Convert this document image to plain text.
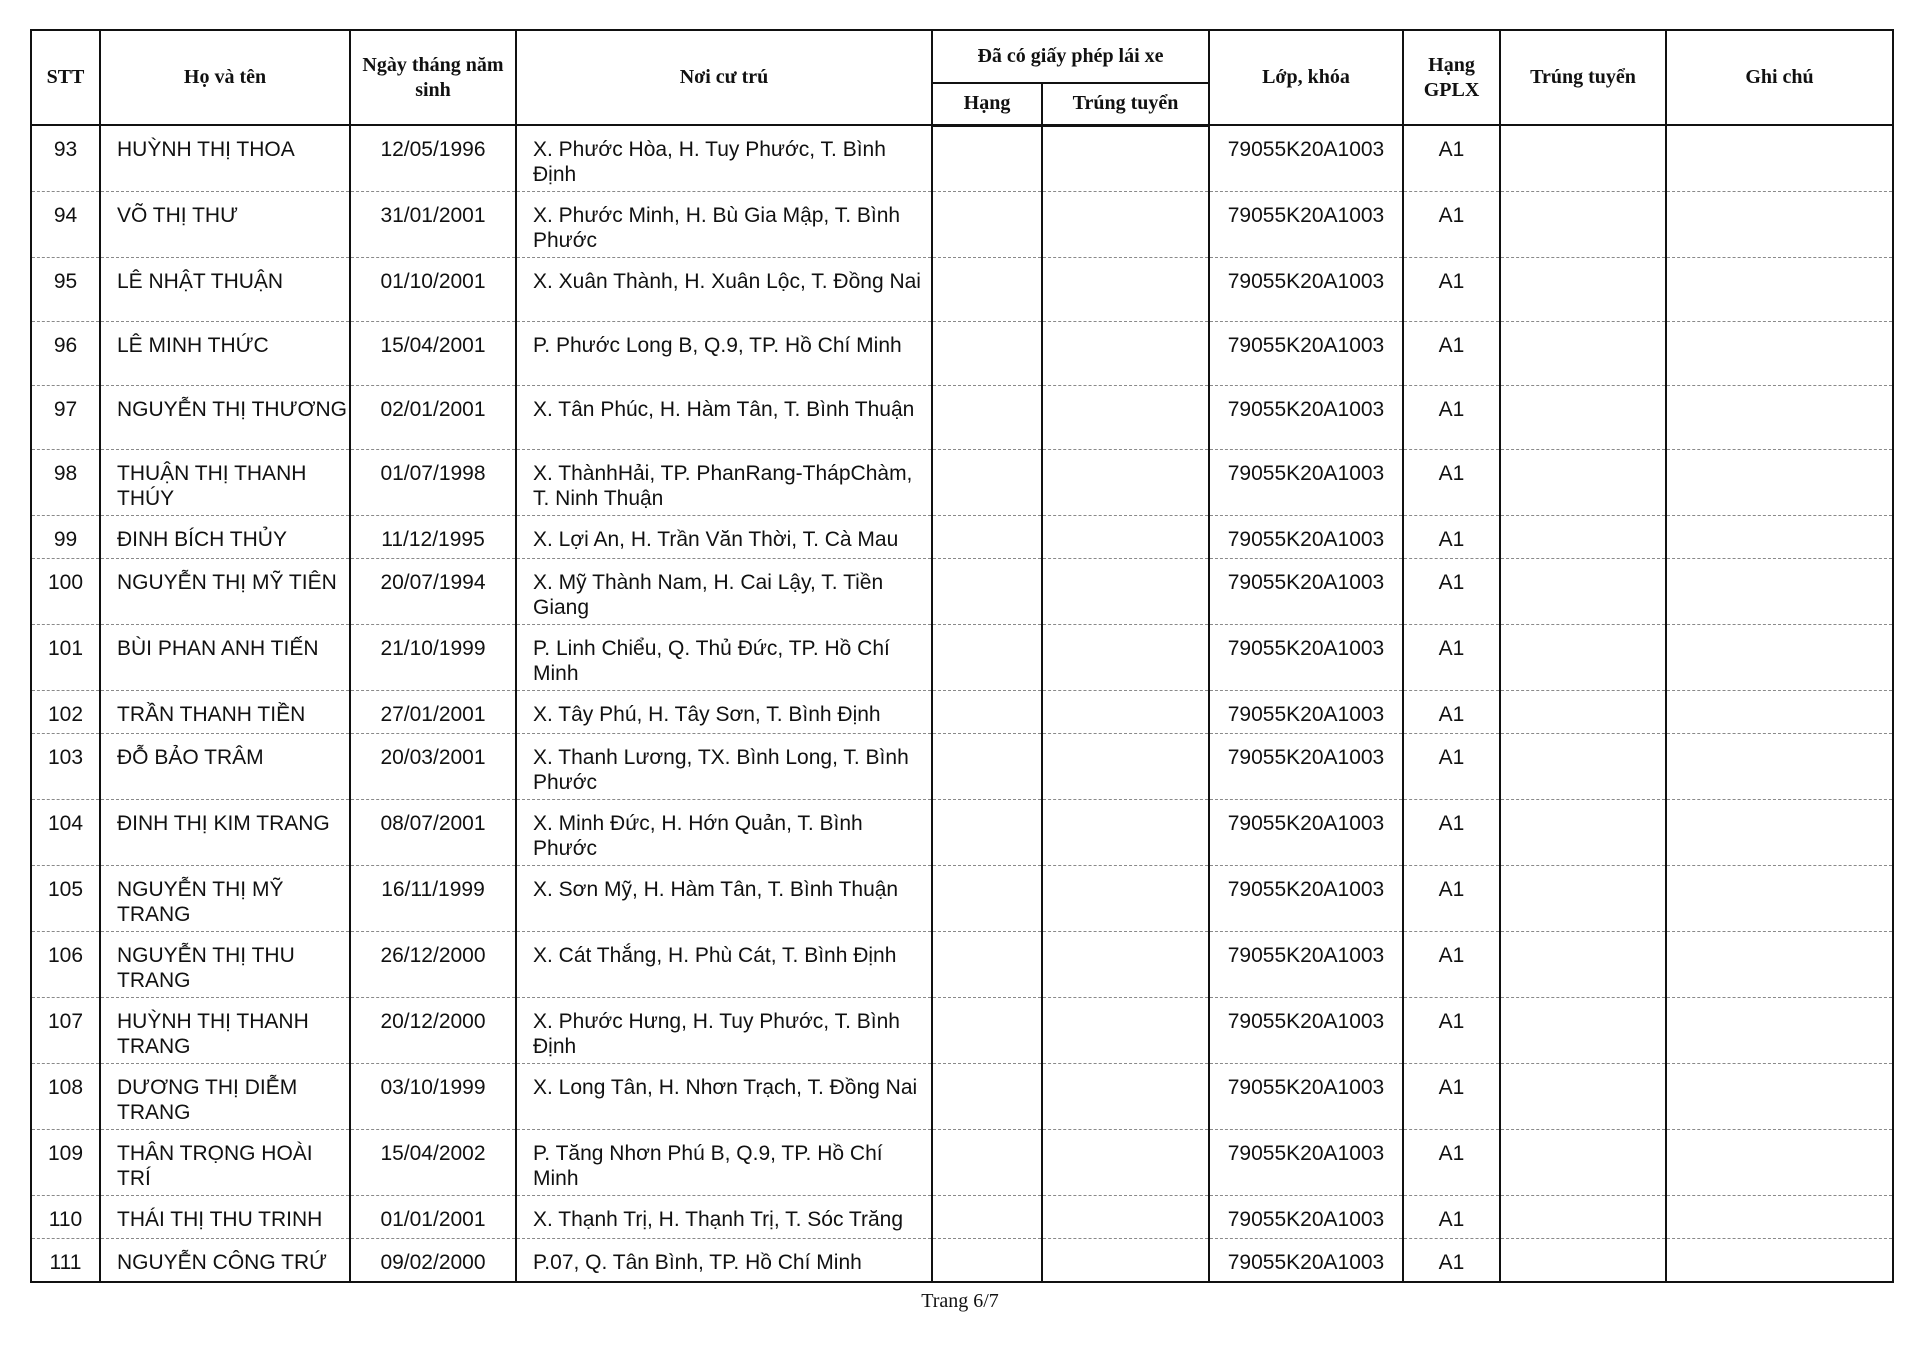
STT	Họ và tên	Ngày tháng năm sinh	Nơi cư trú	Đã có giấy phép lái xe		Lớp, khóa	Hạng GPLX	Trúng tuyển	Ghi chú
				Hạng	Trúng tuyển				
93	HUỲNH THỊ THOA	12/05/1996	X. Phước Hòa, H. Tuy Phước, T. Bình Định			79055K20A1003	A1		
94	VÕ THỊ THƯ	31/01/2001	X. Phước Minh, H. Bù Gia Mập, T. Bình Phước			79055K20A1003	A1		
95	LÊ NHẬT THUẬN	01/10/2001	X. Xuân Thành, H. Xuân Lộc, T. Đồng Nai			79055K20A1003	A1		
96	LÊ MINH THỨC	15/04/2001	P. Phước Long B, Q.9, TP. Hồ Chí Minh			79055K20A1003	A1		
97	NGUYỄN THỊ THƯƠNG	02/01/2001	X. Tân Phúc, H. Hàm Tân, T. Bình Thuận			79055K20A1003	A1		
98	THUẬN THỊ THANH THÚY	01/07/1998	X. ThànhHải, TP. PhanRang-ThápChàm, T. Ninh Thuận			79055K20A1003	A1		
99	ĐINH BÍCH THỦY	11/12/1995	X. Lợi An, H. Trần Văn Thời, T. Cà Mau			79055K20A1003	A1		
100	NGUYỄN THỊ MỸ TIÊN	20/07/1994	X. Mỹ Thành Nam, H. Cai Lậy, T. Tiền Giang			79055K20A1003	A1		
101	BÙI PHAN ANH TIẾN	21/10/1999	P. Linh Chiểu, Q. Thủ Đức, TP. Hồ Chí Minh			79055K20A1003	A1		
102	TRẦN THANH TIỀN	27/01/2001	X. Tây Phú, H. Tây Sơn, T. Bình Định			79055K20A1003	A1		
103	ĐỖ BẢO TRÂM	20/03/2001	X. Thanh Lương, TX. Bình Long, T. Bình Phước			79055K20A1003	A1		
104	ĐINH THỊ KIM TRANG	08/07/2001	X. Minh Đức, H. Hớn Quản, T. Bình Phước			79055K20A1003	A1		
105	NGUYỄN THỊ MỸ TRANG	16/11/1999	X. Sơn Mỹ, H. Hàm Tân, T. Bình Thuận			79055K20A1003	A1		
106	NGUYỄN THỊ THU TRANG	26/12/2000	X. Cát Thắng, H. Phù Cát, T. Bình Định			79055K20A1003	A1		
107	HUỲNH THỊ THANH TRANG	20/12/2000	X. Phước Hưng, H. Tuy Phước, T. Bình Định			79055K20A1003	A1		
108	DƯƠNG THỊ DIỄM TRANG	03/10/1999	X. Long Tân, H. Nhơn Trạch, T. Đồng Nai			79055K20A1003	A1		
109	THÂN TRỌNG HOÀI TRÍ	15/04/2002	P. Tăng Nhơn Phú B, Q.9, TP. Hồ Chí Minh			79055K20A1003	A1		
110	THÁI THỊ THU TRINH	01/01/2001	X. Thạnh Trị, H. Thạnh Trị, T. Sóc Trăng			79055K20A1003	A1		
111	NGUYỄN CÔNG TRỨ	09/02/2000	P.07, Q. Tân Bình, TP. Hồ Chí Minh			79055K20A1003	A1		
Trang 6/7
